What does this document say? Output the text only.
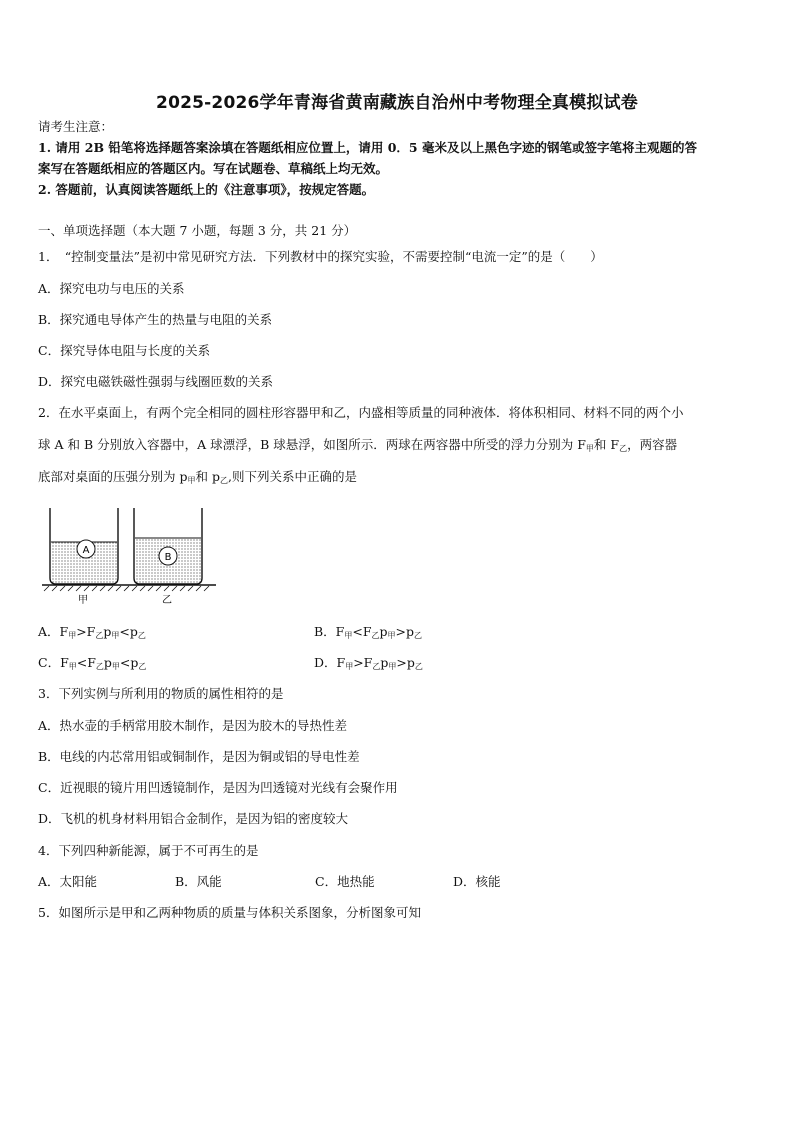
2025-2026学年青海省黄南藏族自治州中考物理全真模拟试卷
请考生注意：
1. 请用 2B 铅笔将选择题答案涂填在答题纸相应位置上，请用 0．5 毫米及以上黑色字迹的钢笔或签字笔将主观题的答
案写在答题纸相应的答题区内。写在试题卷、草稿纸上均无效。
2. 答题前，认真阅读答题纸上的《注意事项》，按规定答题。
一、单项选择题（本大题 7 小题，每题 3 分，共 21 分）
1．　“控制变量法”是初中常见研究方法．下列教材中的探究实验，不需要控制“电流一定”的是（　　）
A．探究电功与电压的关系
B．探究通电导体产生的热量与电阻的关系
C．探究导体电阻与长度的关系
D．探究电磁铁磁性强弱与线圈匝数的关系
2．在水平桌面上，有两个完全相同的圆柱形容器甲和乙，内盛相等质量的同种液体．将体积相同、材料不同的两个小
球 A 和 B 分别放入容器中，A 球漂浮，B 球悬浮，如图所示．两球在两容器中所受的浮力分别为 $F_甲$和 $F_乙$，两容器
底部对桌面的压强分别为 $p_甲$和 $p_乙$,则下列关系中正确的是
A
B
甲	乙
A．$F_甲>F_乙p_甲<p_乙$	B．$F_甲<F_乙p_甲>p_乙$
C．$F_甲<F_乙p_甲<p_乙$	D．$F_甲>F_乙p_甲>p_乙$
3．下列实例与所利用的物质的属性相符的是
A．热水壶的手柄常用胶木制作，是因为胶木的导热性差
B．电线的内芯常用铝或铜制作，是因为铜或铝的导电性差
C．近视眼的镜片用凹透镜制作，是因为凹透镜对光线有会聚作用
D．飞机的机身材料用铝合金制作，是因为铝的密度较大
4．下列四种新能源，属于不可再生的是
A．太阳能	B．风能	C．地热能	D．核能
5．如图所示是甲和乙两种物质的质量与体积关系图象，分析图象可知
